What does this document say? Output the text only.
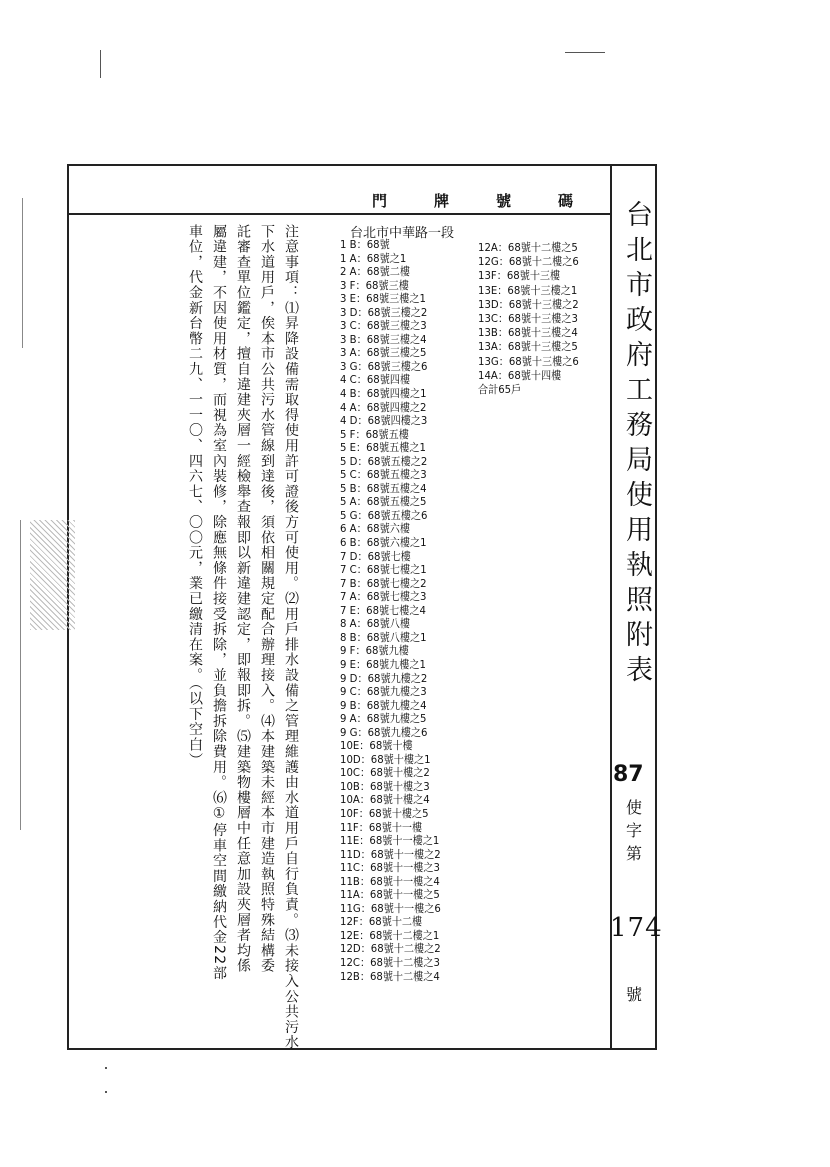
門	牌	號	碼 台北市政府工務局使用執照附表
87
使
字
第
174
號
台北市中華路一段
1 B：68號
1 A：68號之1
2 A：68號二樓
3 F：68號三樓
3 E：68號三樓之1
3 D：68號三樓之2
3 C：68號三樓之3
3 B：68號三樓之4
3 A：68號三樓之5
3 G：68號三樓之6
4 C：68號四樓
4 B：68號四樓之1
4 A：68號四樓之2
4 D：68號四樓之3
5 F：68號五樓
5 E：68號五樓之1
5 D：68號五樓之2
5 C：68號五樓之3
5 B：68號五樓之4
5 A：68號五樓之5
5 G：68號五樓之6
6 A：68號六樓
6 B：68號六樓之1
7 D：68號七樓
7 C：68號七樓之1
7 B：68號七樓之2
7 A：68號七樓之3
7 E：68號七樓之4
8 A：68號八樓
8 B：68號八樓之1
9 F：68號九樓
9 E：68號九樓之1
9 D：68號九樓之2
9 C：68號九樓之3
9 B：68號九樓之4
9 A：68號九樓之5
9 G：68號九樓之6
10E：68號十樓
10D：68號十樓之1
10C：68號十樓之2
10B：68號十樓之3
10A：68號十樓之4
10F：68號十樓之5
11F：68號十一樓
11E：68號十一樓之1
11D：68號十一樓之2
11C：68號十一樓之3
11B：68號十一樓之4
11A：68號十一樓之5
11G：68號十一樓之6
12F：68號十二樓
12E：68號十二樓之1
12D：68號十二樓之2
12C：68號十二樓之3
12B：68號十二樓之4
12A：68號十二樓之5
12G：68號十二樓之6
13F：68號十三樓
13E：68號十三樓之1
13D：68號十三樓之2
13C：68號十三樓之3
13B：68號十三樓之4
13A：68號十三樓之5
13G：68號十三樓之6
14A：68號十四樓
合計65戶
注意事項：⑴昇降設備需取得使用許可證後方可使用。⑵用戶排水設備之管理維護由水道用戶自行負責。⑶未接入公共污水
下水道用戶，俟本市公共污水管線到達後，須依相關規定配合辦理接入。⑷本建築未經本市建造執照特殊結構委
託審查單位鑑定，擅自違建夾層一經檢舉查報即以新違建認定，即報即拆。⑸建築物樓層中任意加設夾層者均係
屬違建，不因使用材質，而視為室內裝修，除應無條件接受拆除，並負擔拆除費用。⑹①停車空間繳納代金22部
車位，代金新台幣二九、一一〇、四六七、〇〇元，業已繳清在案。（以下空白）
